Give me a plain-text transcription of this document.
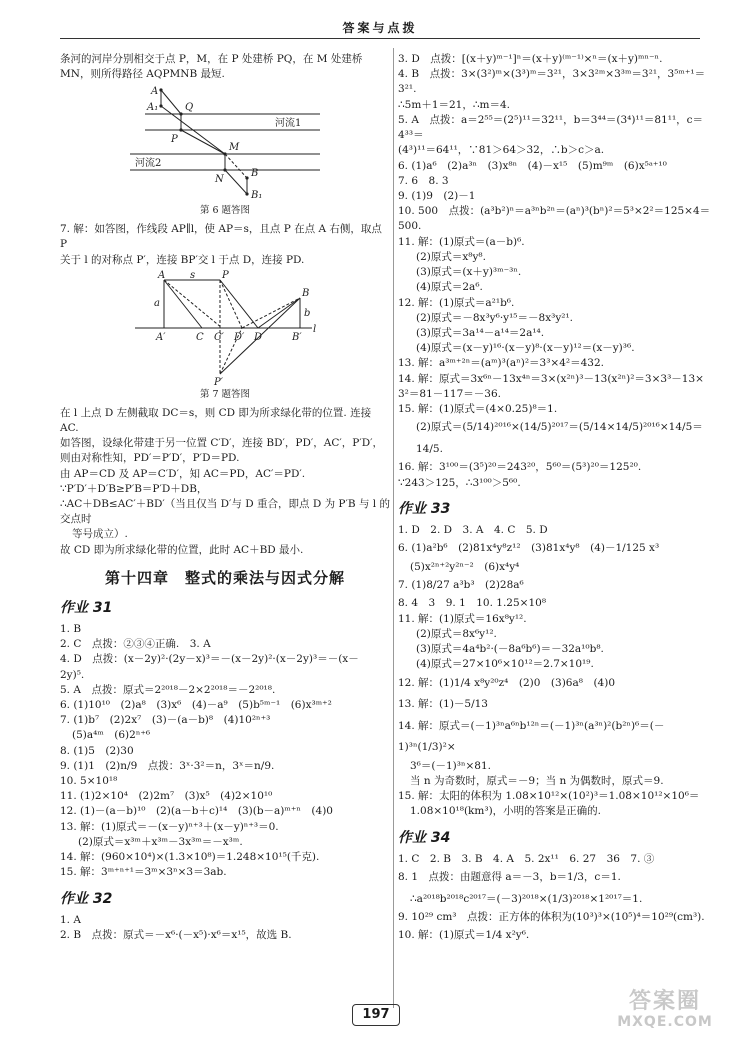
答案与点拨

条河的河岸分别相交于点 P，M，在 P 处建桥 PQ，在 M 处建桥

MN，则所得路径 AQPMNB 最短.

A
A₁	Q
P
M
河流1
河流2
N
B
B₁
第 6 题答图

7. 解：如答图，作线段 AP∥l，使 AP＝s，且点 P 在点 A 右侧，取点 P

关于 l 的对称点 P′，连接 BP′交 l 于点 D，连接 PD.

A s	P
B
a
b
A′	C C′ D′ D	B′
l
P′
第 7 题答图

在 l 上点 D 左侧截取 DC＝s，则 CD 即为所求绿化带的位置. 连接

AC.

如答图，设绿化带建于另一位置 C′D′，连接 BD′，PD′，AC′，P′D′，

则由对称性知，PD′＝P′D′，P′D＝PD.

由 AP＝CD 及 AP＝C′D′，知 AC＝PD，AC′＝PD′.

∵P′D′＋D′B≥P′B＝P′D＋DB，

∴AC＋DB≤AC′＋BD′（当且仅当 D′与 D 重合，即点 D 为 P′B 与 l 的交点时

等号成立）.

故 CD 即为所求绿化带的位置，此时 AC＋BD 最小.

第十四章　整式的乘法与因式分解
作业 31

1. B

2. C　点拨：②③④正确.　3. A

4. D　点拨：(x－2y)²·(2y－x)³＝－(x－2y)²·(x－2y)³＝－(x－

2y)⁵.

5. A　点拨：原式＝2²⁰¹⁸－2×2²⁰¹⁸＝－2²⁰¹⁸.

6. (1)10¹⁰　(2)a⁸　(3)x⁶　(4)－a⁹　(5)b⁵ᵐ⁻¹　(6)x³ᵐ⁺²

7. (1)b⁷　(2)2x⁷　(3)－(a－b)⁸　(4)10²ⁿ⁺³

(5)a⁴ᵐ　(6)2ⁿ⁺⁶

8. (1)5　(2)30

9. (1)1　(2)n/9　点拨：3ˣ·3²＝n，3ˣ＝n/9.

10. 5×10¹⁸

11. (1)2×10⁴　(2)2m⁷　(3)x⁵　(4)2×10¹⁰

12. (1)－(a－b)¹⁰　(2)(a－b＋c)¹⁴　(3)(b－a)ᵐ⁺ⁿ　(4)0

13. 解：(1)原式＝－(x－y)ⁿ⁺³＋(x－y)ⁿ⁺³＝0.

(2)原式＝x³ᵐ＋x³ᵐ－3x³ᵐ＝－x³ᵐ.

14. 解：(960×10⁴)×(1.3×10⁸)＝1.248×10¹⁵(千克).

15. 解：3ᵐ⁺ⁿ⁺¹＝3ᵐ×3ⁿ×3＝3ab.

作业 32

1. A

2. B　点拨：原式＝－x⁶·(－x⁵)·x⁶＝x¹⁵，故选 B.

3. D　点拨：[(x＋y)ᵐ⁻¹]ⁿ＝(x＋y)⁽ᵐ⁻¹⁾×ⁿ＝(x＋y)ᵐⁿ⁻ⁿ.

4. B　点拨：3×(3²)ᵐ×(3³)ᵐ＝3²¹，3×3²ᵐ×3³ᵐ＝3²¹，3⁵ᵐ⁺¹＝3²¹.

∴5m＋1＝21，∴m＝4.

5. A　点拨：a＝2⁵⁵＝(2⁵)¹¹＝32¹¹，b＝3⁴⁴＝(3⁴)¹¹＝81¹¹，c＝4³³＝

(4³)¹¹＝64¹¹，∵81＞64＞32，∴b＞c＞a.

6. (1)a⁶　(2)a³ⁿ　(3)x⁸ⁿ　(4)－x¹⁵　(5)m⁹ᵐ　(6)x⁵ᵃ⁺¹⁰

7. 6　8. 3

9. (1)9　(2)－1

10. 500　点拨：(a³b²)ⁿ＝a³ⁿb²ⁿ＝(aⁿ)³(bⁿ)²＝5³×2²＝125×4＝500.

11. 解：(1)原式＝(a－b)⁶.

(2)原式＝x⁸y⁸.

(3)原式＝(x＋y)³ᵐ⁻³ⁿ.

(4)原式＝2a⁶.

12. 解：(1)原式＝a²¹b⁶.

(2)原式＝－8x³y⁶·y¹⁵＝－8x³y²¹.

(3)原式＝3a¹⁴－a¹⁴＝2a¹⁴.

(4)原式＝(x－y)¹⁶·(x－y)⁸·(x－y)¹²＝(x－y)³⁶.

13. 解：a³ᵐ⁺²ⁿ＝(aᵐ)³(aⁿ)²＝3³×4²＝432.

14. 解：原式＝3x⁶ⁿ－13x⁴ⁿ＝3×(x²ⁿ)³－13(x²ⁿ)²＝3×3³－13×

3²＝81－117＝－36.

15. 解：(1)原式＝(4×0.25)⁸＝1.

(2)原式＝(5/14)²⁰¹⁶×(14/5)²⁰¹⁷＝(5/14×14/5)²⁰¹⁶×14/5＝14/5.

16. 解：3¹⁰⁰＝(3⁵)²⁰＝243²⁰，5⁶⁰＝(5³)²⁰＝125²⁰.

∵243＞125，∴3¹⁰⁰＞5⁶⁰.

作业 33

1. D　2. D　3. A　4. C　5. D

6. (1)a²b⁶　(2)81x⁴y⁸z¹²　(3)81x⁴y⁸　(4)－1/125 x³

(5)x²ⁿ⁺²y²ⁿ⁻²　(6)x⁴y⁴

7. (1)8/27 a³b³　(2)28a⁶

8. 4　3　9. 1　10. 1.25×10⁸

11. 解：(1)原式＝16x⁸y¹².

(2)原式＝8x⁶y¹².

(3)原式＝4a⁴b²·(－8a⁶b⁶)＝－32a¹⁰b⁸.

(4)原式＝27×10⁶×10¹²＝2.7×10¹⁹.

12. 解：(1)1/4 x⁸y²⁰z⁴　(2)0　(3)6a⁸　(4)0

13. 解：(1)－5/13

14. 解：原式＝(－1)³ⁿa⁶ⁿb¹²ⁿ＝(－1)³ⁿ(a³ⁿ)²(b²ⁿ)⁶＝(－1)³ⁿ(1/3)²×

3⁶＝(－1)³ⁿ×81.

当 n 为奇数时，原式＝－9；当 n 为偶数时，原式＝9.

15. 解：太阳的体积为 1.08×10¹²×(10²)³＝1.08×10¹²×10⁶＝

1.08×10¹⁸(km³)，小明的答案是正确的.

作业 34

1. C　2. B　3. B　4. A　5. 2x¹¹　6. 27　36　7. ③

8. 1　点拨：由题意得 a＝－3，b＝1/3，c＝1.

∴a²⁰¹⁸b²⁰¹⁸c²⁰¹⁷＝(－3)²⁰¹⁸×(1/3)²⁰¹⁸×1²⁰¹⁷＝1.

9. 10²⁹ cm³　点拨：正方体的体积为(10³)³×(10⁵)⁴＝10²⁹(cm³).

10. 解：(1)原式＝1/4 x²y⁶.

197
答案圈
MXQE.COM
